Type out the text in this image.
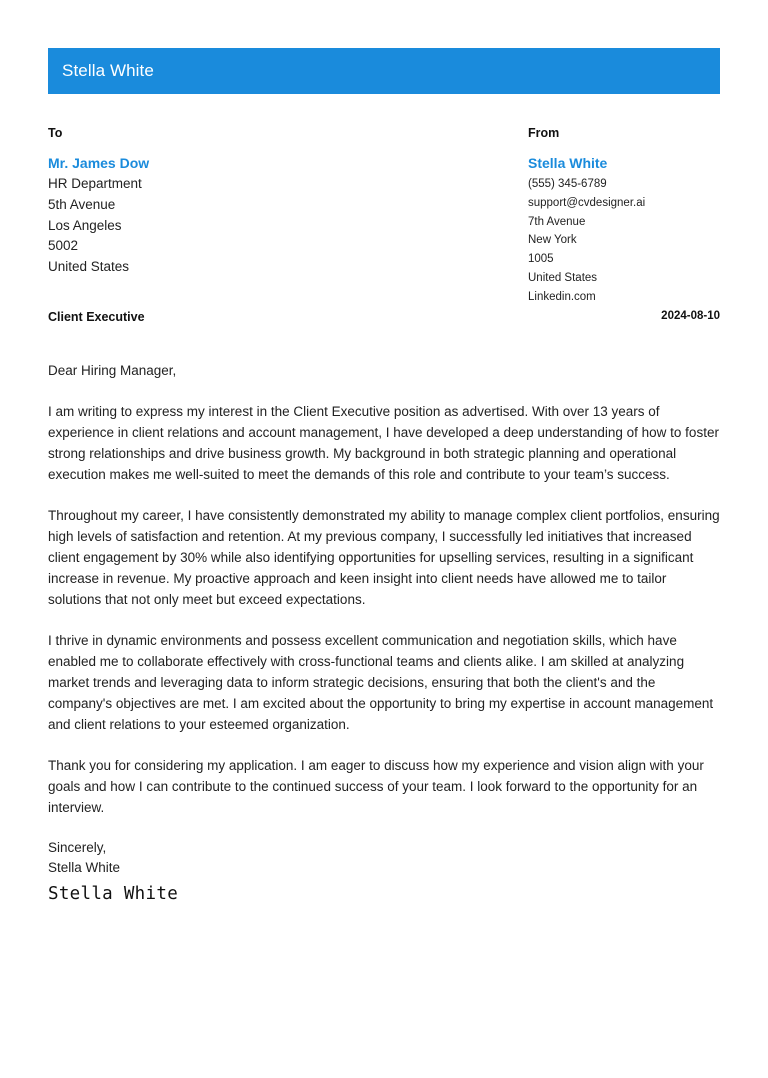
Stella White
To
Mr. James Dow
HR Department
5th Avenue
Los Angeles
5002
United States
From
Stella White
(555) 345-6789
support@cvdesigner.ai
7th Avenue
New York
1005
United States
Linkedin.com
Client Executive	2024-08-10

Dear Hiring Manager,

I am writing to express my interest in the Client Executive position as advertised. With over 13 years of experience in client relations and account management, I have developed a deep understanding of how to foster strong relationships and drive business growth. My background in both strategic planning and operational execution makes me well-suited to meet the demands of this role and contribute to your team’s success.

Throughout my career, I have consistently demonstrated my ability to manage complex client portfolios, ensuring high levels of satisfaction and retention. At my previous company, I successfully led initiatives that increased client engagement by 30% while also identifying opportunities for upselling services, resulting in a significant increase in revenue. My proactive approach and keen insight into client needs have allowed me to tailor solutions that not only meet but exceed expectations.

I thrive in dynamic environments and possess excellent communication and negotiation skills, which have enabled me to collaborate effectively with cross-functional teams and clients alike. I am skilled at analyzing market trends and leveraging data to inform strategic decisions, ensuring that both the client's and the company's objectives are met. I am excited about the opportunity to bring my expertise in account management and client relations to your esteemed organization.

Thank you for considering my application. I am eager to discuss how my experience and vision align with your goals and how I can contribute to the continued success of your team. I look forward to the opportunity for an interview.

Sincerely,
Stella White
Stella White
